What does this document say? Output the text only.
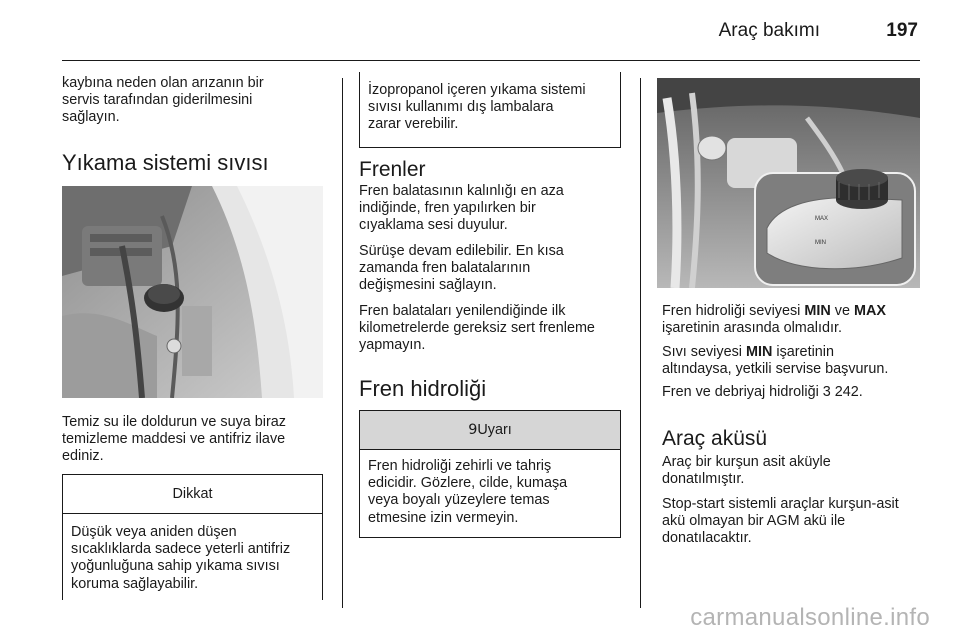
Araç bakımı	197
kaybına neden olan arızanın bir
servis tarafından giderilmesini
sağlayın.
Yıkama sistemi sıvısı
Temiz su ile doldurun ve suya biraz
temizleme maddesi ve antifriz ilave
ediniz.
Dikkat
Düşük veya aniden düşen
sıcaklıklarda sadece yeterli antifriz
yoğunluğuna sahip yıkama sıvısı
koruma sağlayabilir.
İzopropanol içeren yıkama sistemi
sıvısı kullanımı dış lambalara
zarar verebilir.
Frenler
Fren balatasının kalınlığı en aza
indiğinde, fren yapılırken bir
cıyaklama sesi duyulur.
Sürüşe devam edilebilir. En kısa
zamanda fren balatalarının
değişmesini sağlayın.
Fren balataları yenilendiğinde ilk
kilometrelerde gereksiz sert frenleme
yapmayın.
Fren hidroliği
9Uyarı
Fren hidroliği zehirli ve tahriş
edicidir. Gözlere, cilde, kumaşa
veya boyalı yüzeylere temas
etmesine izin vermeyin.
MAX
MIN
Fren hidroliği seviyesi MIN ve MAX
işaretinin arasında olmalıdır.
Sıvı seviyesi MIN işaretinin
altındaysa, yetkili servise başvurun.
Fren ve debriyaj hidroliği 3 242.
Araç aküsü
Araç bir kurşun asit aküyle
donatılmıştır.
Stop-start sistemli araçlar kurşun-asit
akü olmayan bir AGM akü ile
donatılacaktır.
carmanualsonline.info
